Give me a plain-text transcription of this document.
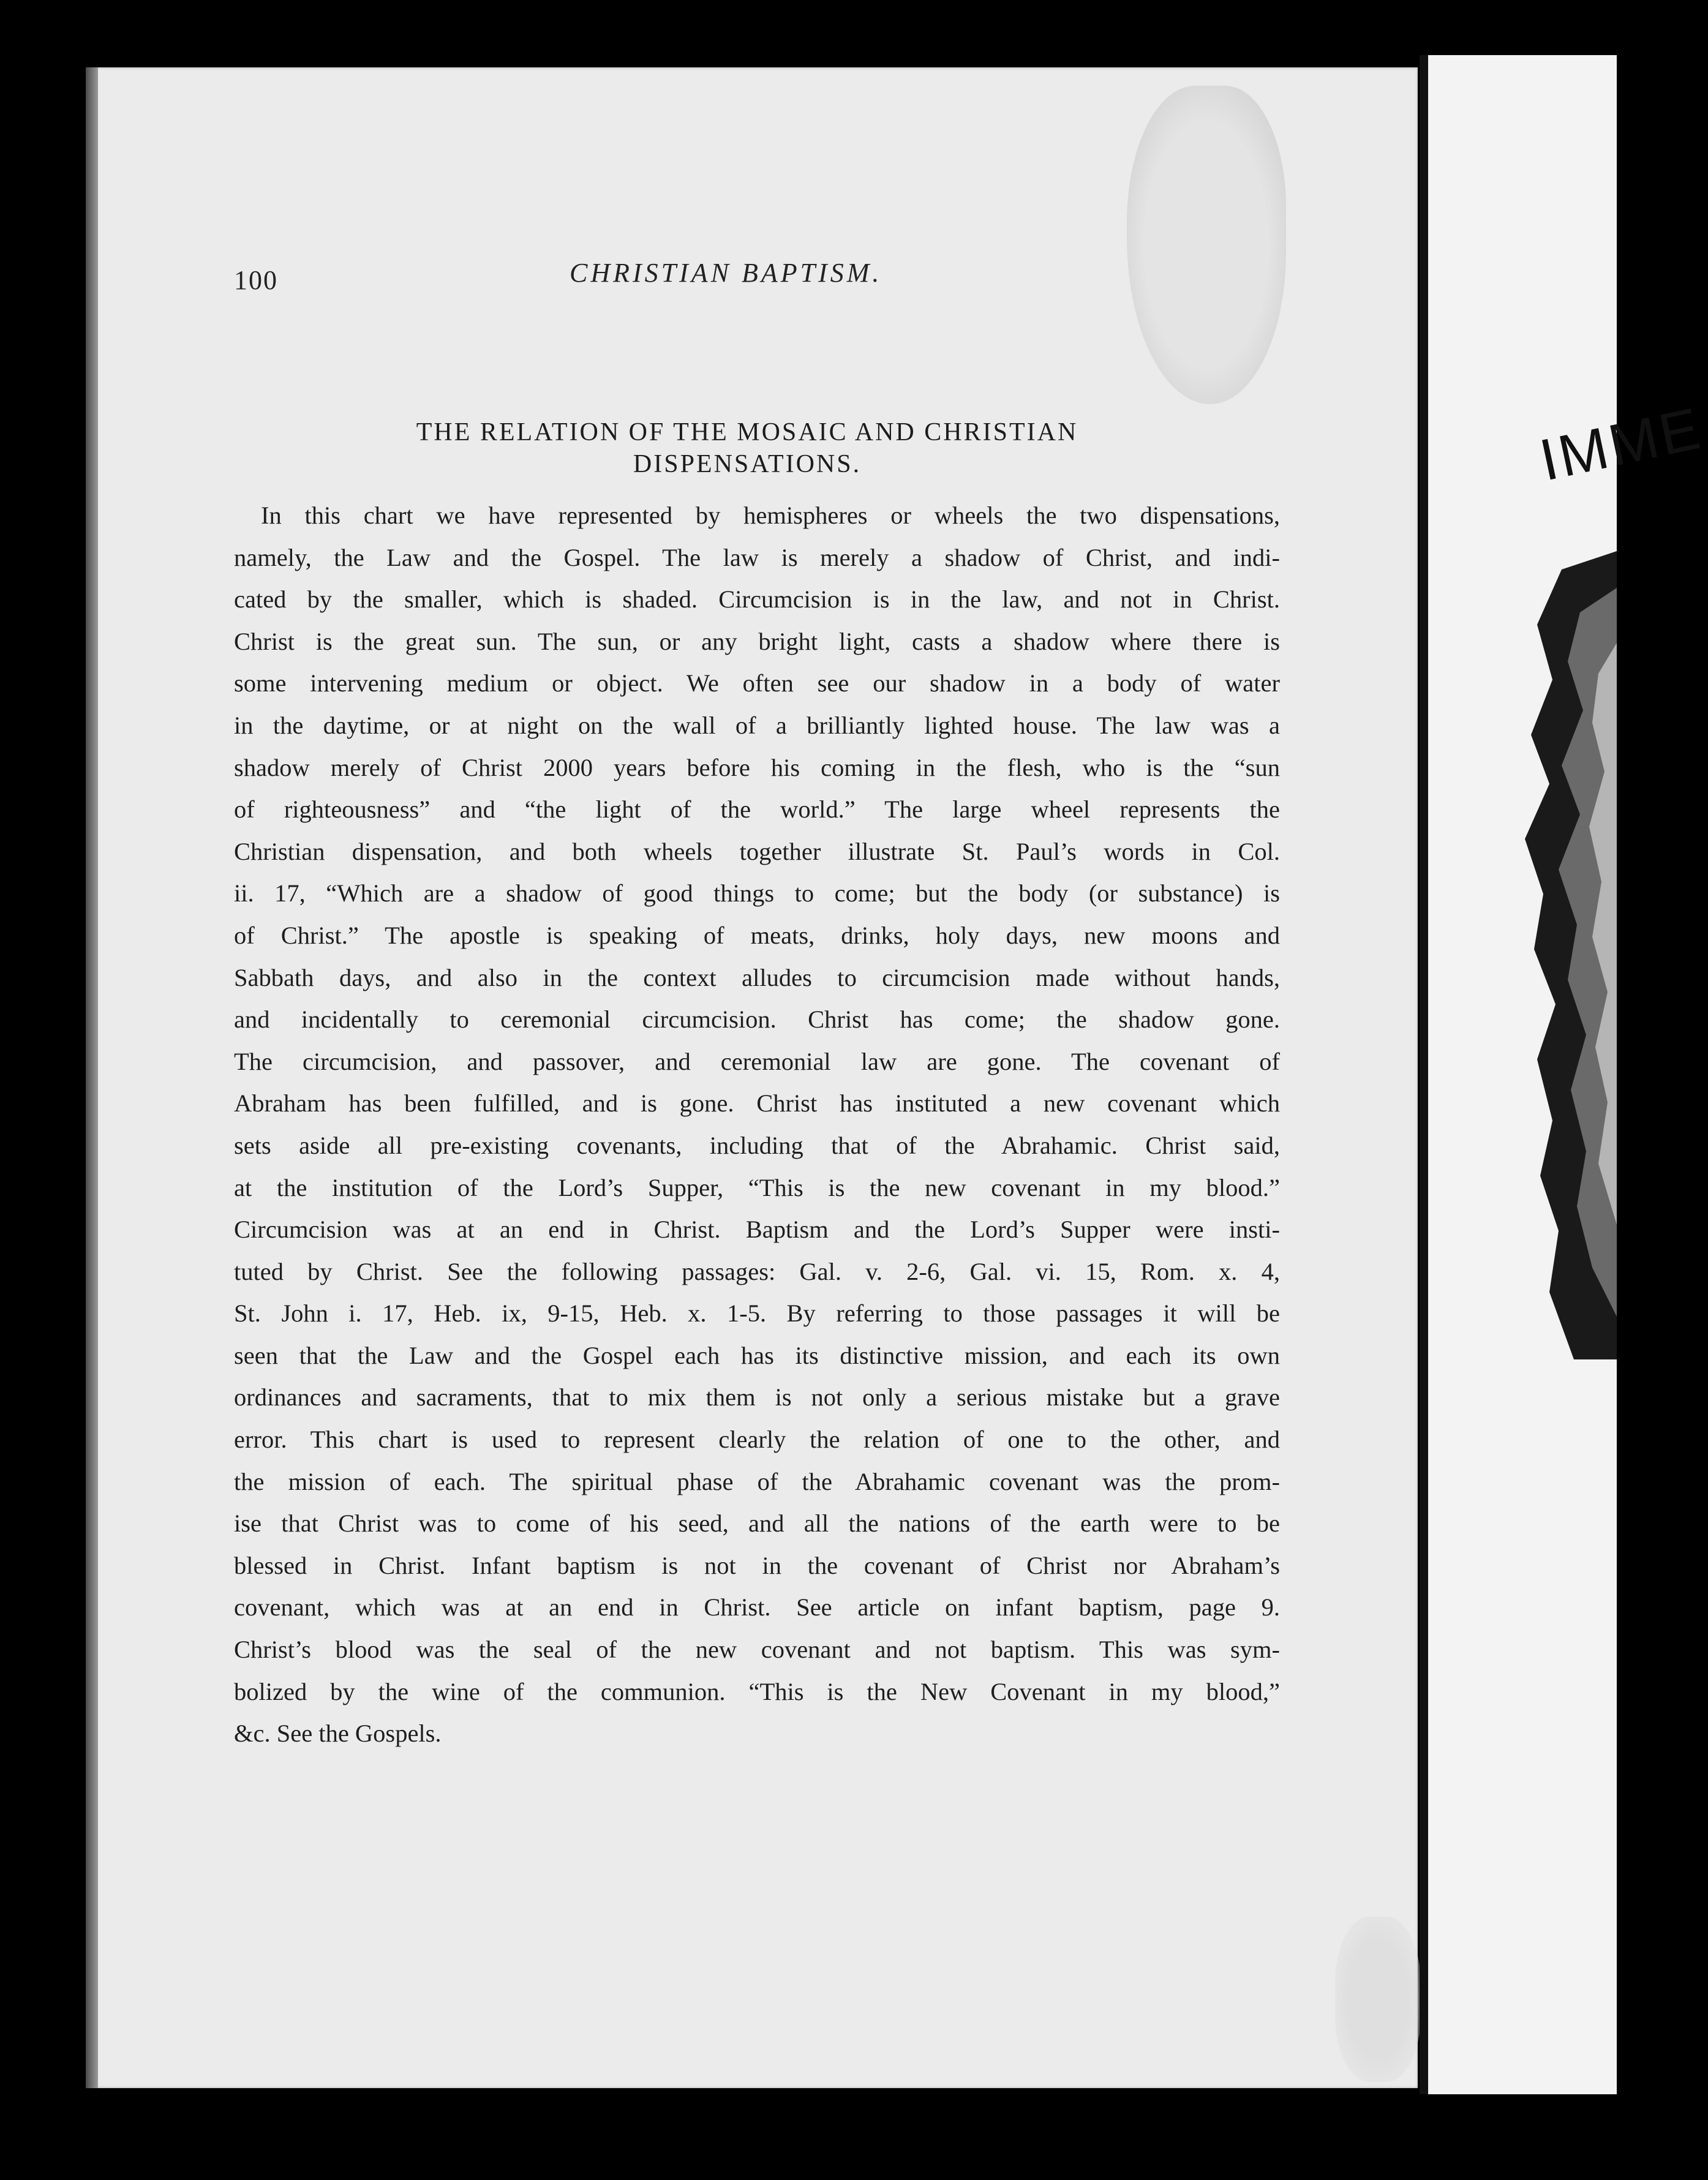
100	CHRISTIAN BAPTISM.
THE RELATION OF THE MOSAIC AND CHRISTIAN
DISPENSATIONS.
In this chart we have represented by hemispheres or wheels the two dispensations,
namely, the Law and the Gospel. The law is merely a shadow of Christ, and indi-
cated by the smaller, which is shaded. Circumcision is in the law, and not in Christ.
Christ is the great sun. The sun, or any bright light, casts a shadow where there is
some intervening medium or object. We often see our shadow in a body of water
in the daytime, or at night on the wall of a brilliantly lighted house. The law was a
shadow merely of Christ 2000 years before his coming in the flesh, who is the “sun
of righteousness” and “the light of the world.” The large wheel represents the
Christian dispensation, and both wheels together illustrate St. Paul’s words in Col.
ii. 17, “Which are a shadow of good things to come; but the body (or substance) is
of Christ.” The apostle is speaking of meats, drinks, holy days, new moons and
Sabbath days, and also in the context alludes to circumcision made without hands,
and incidentally to ceremonial circumcision. Christ has come; the shadow gone.
The circumcision, and passover, and ceremonial law are gone. The covenant of
Abraham has been fulfilled, and is gone. Christ has instituted a new covenant which
sets aside all pre-existing covenants, including that of the Abrahamic. Christ said,
at the institution of the Lord’s Supper, “This is the new covenant in my blood.”
Circumcision was at an end in Christ. Baptism and the Lord’s Supper were insti-
tuted by Christ. See the following passages: Gal. v. 2-6, Gal. vi. 15, Rom. x. 4,
St. John i. 17, Heb. ix, 9-15, Heb. x. 1-5. By referring to those passages it will be
seen that the Law and the Gospel each has its distinctive mission, and each its own
ordinances and sacraments, that to mix them is not only a serious mistake but a grave
error. This chart is used to represent clearly the relation of one to the other, and
the mission of each. The spiritual phase of the Abrahamic covenant was the prom-
ise that Christ was to come of his seed, and all the nations of the earth were to be
blessed in Christ. Infant baptism is not in the covenant of Christ nor Abraham’s
covenant, which was at an end in Christ. See article on infant baptism, page 9.
Christ’s blood was the seal of the new covenant and not baptism. This was sym-
bolized by the wine of the communion. “This is the New Covenant in my blood,”
&c. See the Gospels.
IMME
